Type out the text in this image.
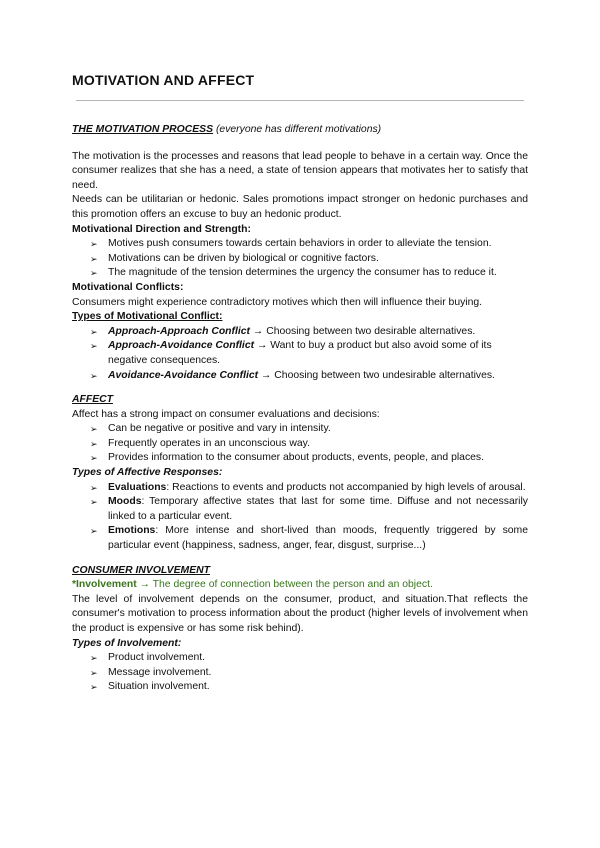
MOTIVATION AND AFFECT

THE MOTIVATION PROCESS (everyone has different motivations)

The motivation is the processes and reasons that lead people to behave in a certain way. Once the consumer realizes that she has a need, a state of tension appears that motivates her to satisfy that need.

Needs can be utilitarian or hedonic. Sales promotions impact stronger on hedonic purchases and this promotion offers an excuse to buy an hedonic product.

Motivational Direction and Strength:

➢ Motives push consumers towards certain behaviors in order to alleviate the tension.
➢ Motivations can be driven by biological or cognitive factors.
➢ The magnitude of the tension determines the urgency the consumer has to reduce it.

Motivational Conflicts:

Consumers might experience contradictory motives which then will influence their buying.

Types of Motivational Conflict:

➢ Approach-Approach Conflict → Choosing between two desirable alternatives.
➢ Approach-Avoidance Conflict → Want to buy a product but also avoid some of its negative consequences.
➢ Avoidance-Avoidance Conflict → Choosing between two undesirable alternatives.

AFFECT

Affect has a strong impact on consumer evaluations and decisions:

➢ Can be negative or positive and vary in intensity.
➢ Frequently operates in an unconscious way.
➢ Provides information to the consumer about products, events, people, and places.

Types of Affective Responses:

➢ Evaluations: Reactions to events and products not accompanied by high levels of arousal.
➢ Moods: Temporary affective states that last for some time. Diffuse and not necessarily linked to a particular event.
➢ Emotions: More intense and short-lived than moods, frequently triggered by some particular event (happiness, sadness, anger, fear, disgust, surprise...)

CONSUMER INVOLVEMENT

*Involvement → The degree of connection between the person and an object.

The level of involvement depends on the consumer, product, and situation.That reflects the consumer's motivation to process information about the product (higher levels of involvement when the product is expensive or has some risk behind).

Types of Involvement:

➢ Product involvement.
➢ Message involvement.
➢ Situation involvement.
